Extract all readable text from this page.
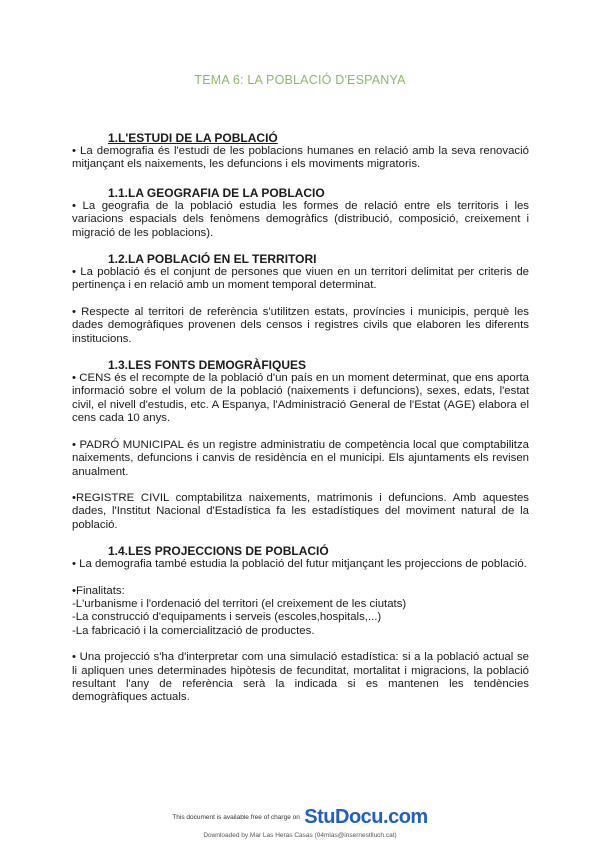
TEMA 6: LA POBLACIÓ D'ESPANYA
1.L'ESTUDI DE LA POBLACIÓ

• La demografia és l'estudi de les poblacions humanes en relació amb la seva renovació mitjançant els naixements, les defuncions i els moviments migratoris.

1.1.LA GEOGRAFIA DE LA POBLACIO

• La geografia de la població estudia les formes de relació entre els territoris i les variacions espacials dels fenòmens demogràfics (distribució, composició, creixement i migració de les poblacions).

1.2.LA POBLACIÓ EN EL TERRITORI

• La població és el conjunt de persones que viuen en un territori delimitat per criteris de pertinença i en relació amb un moment temporal determinat.

• Respecte al territori de referència s'utilitzen estats, províncies i municipis, perquè les dades demogràfiques provenen dels censos i registres civils que elaboren les diferents institucions.

1.3.LES FONTS DEMOGRÀFIQUES

• CENS és el recompte de la població d'un país en un moment determinat, que ens aporta informació sobre el volum de la població (naixements i defuncions), sexes, edats, l'estat civil, el nivell d'estudis, etc. A Espanya, l'Administració General de l'Estat (AGE) elabora el cens cada 10 anys.

• PADRÓ MUNICIPAL és un registre administratiu de competència local que comptabilitza naixements, defuncions i canvis de residència en el municipi. Els ajuntaments els revisen anualment.

•REGISTRE CIVIL comptabilitza naixements, matrimonis i defuncions. Amb aquestes dades, l'Institut Nacional d'Estadística fa les estadístiques del moviment natural de la població.

1.4.LES PROJECCIONS DE POBLACIÓ

• La demografia també estudia la població del futur mitjançant les projeccions de població.

•Finalitats:

-L'urbanisme i l'ordenació del territori (el creixement de les ciutats)

-La construcció d'equipaments i serveis (escoles,hospitals,...)

-La fabricació i la comercialització de productes.

• Una projecció s'ha d'interpretar com una simulació estadística: si a la població actual se li apliquen unes determinades hipòtesis de fecunditat, mortalitat i migracions, la població resultant l'any de referència serà la indicada si es mantenen les tendències demogràfiques actuals.

This document is available free of charge on StuDocu.com
Downloaded by Mar Las Heras Casas (04mlas@insernestlluch.cat)
